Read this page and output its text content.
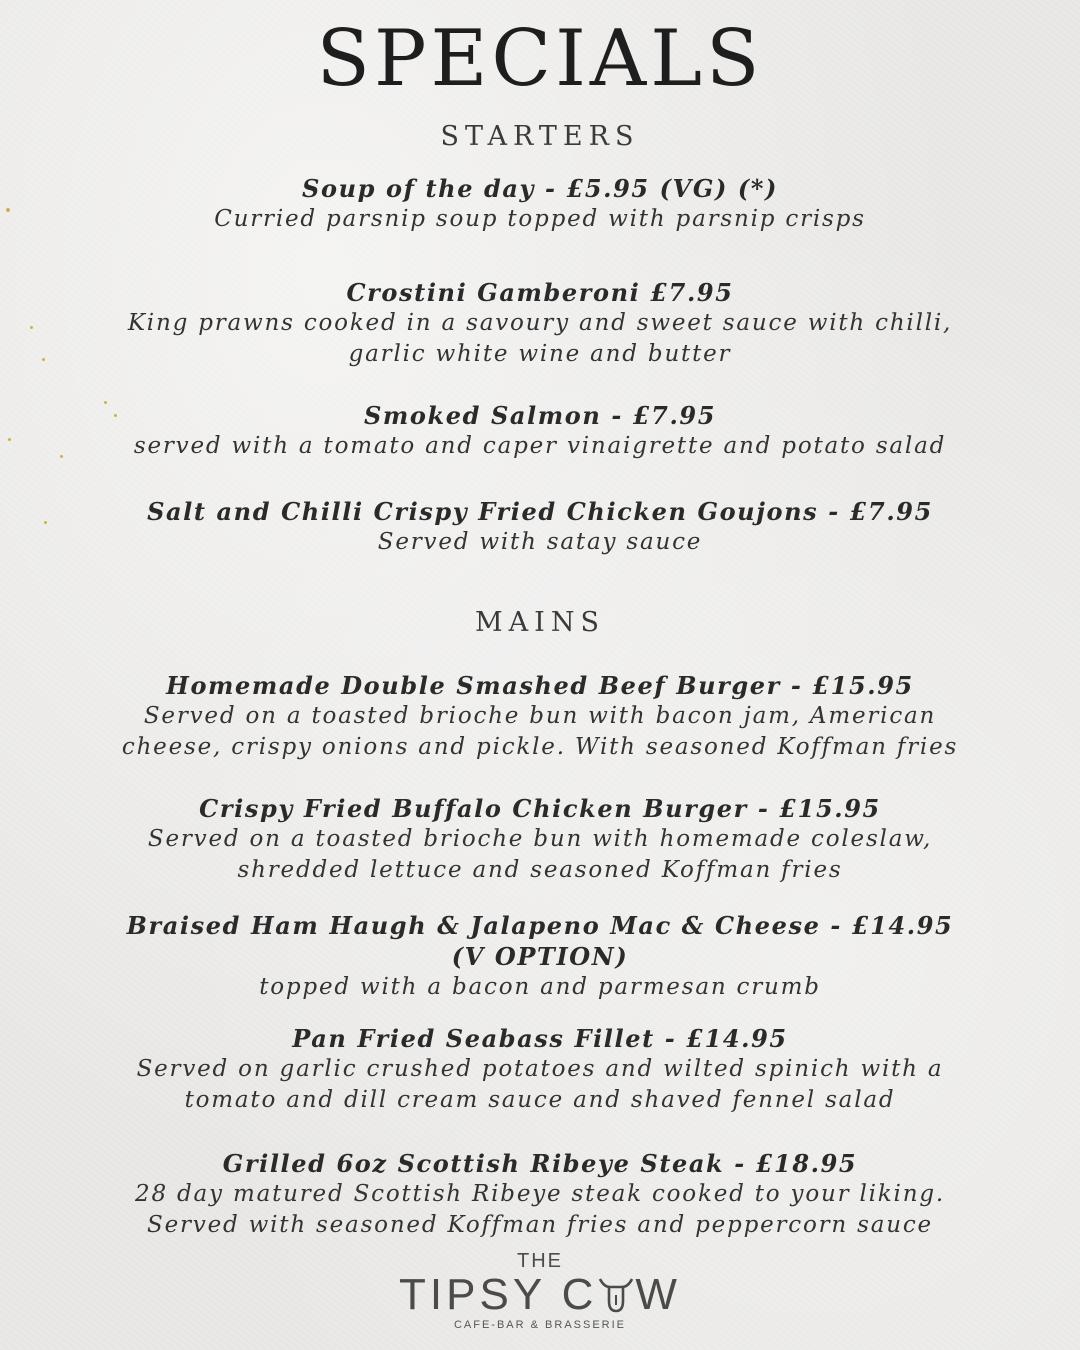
SPECIALS
STARTERS
Soup of the day - £5.95 (VG) (*)
Curried parsnip soup topped with parsnip crisps
Crostini Gamberoni £7.95
King prawns cooked in a savoury and sweet sauce with chilli,
garlic white wine and butter
Smoked Salmon - £7.95
served with a tomato and caper vinaigrette and potato salad
Salt and Chilli Crispy Fried Chicken Goujons - £7.95
Served with satay sauce
MAINS
Homemade Double Smashed Beef Burger - £15.95
Served on a toasted brioche bun with bacon jam, American
cheese, crispy onions and pickle. With seasoned Koffman fries
Crispy Fried Buffalo Chicken Burger - £15.95
Served on a toasted brioche bun with homemade coleslaw,
shredded lettuce and seasoned Koffman fries
Braised Ham Haugh & Jalapeno Mac & Cheese - £14.95
(V OPTION)
topped with a bacon and parmesan crumb
Pan Fried Seabass Fillet - £14.95
Served on garlic crushed potatoes and wilted spinich with a
tomato and dill cream sauce and shaved fennel salad
Grilled 6oz Scottish Ribeye Steak - £18.95
28 day matured Scottish Ribeye steak cooked to your liking.
Served with seasoned Koffman fries and peppercorn sauce
THE
TIPSY C W
CAFE-BAR & BRASSERIE
